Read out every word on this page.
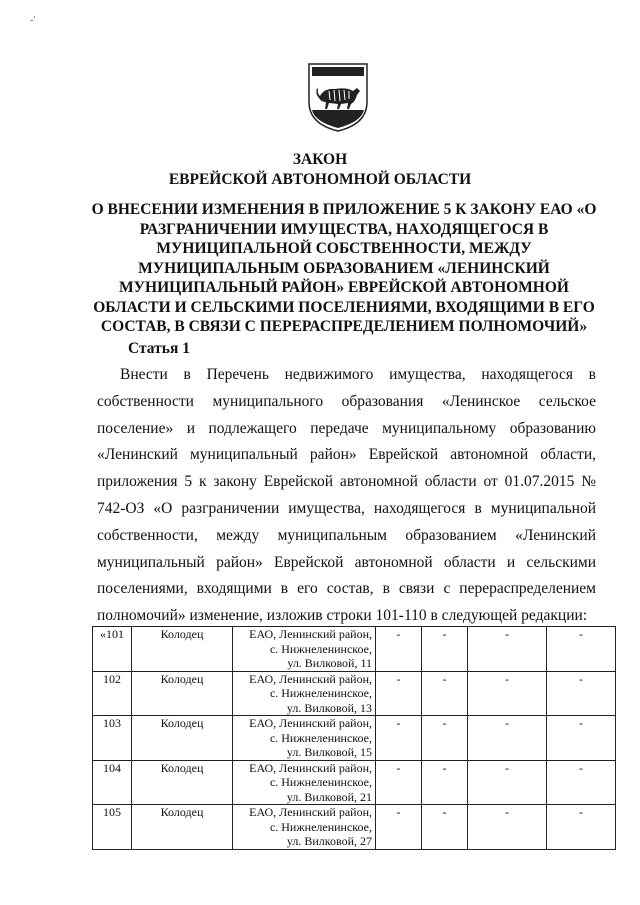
-'
ЗАКОН
ЕВРЕЙСКОЙ АВТОНОМНОЙ ОБЛАСТИ
О ВНЕСЕНИИ ИЗМЕНЕНИЯ В ПРИЛОЖЕНИЕ 5 К ЗАКОНУ ЕАО «О РАЗГРАНИЧЕНИИ ИМУЩЕСТВА, НАХОДЯЩЕГОСЯ В МУНИЦИПАЛЬНОЙ СОБСТВЕННОСТИ, МЕЖДУ МУНИЦИПАЛЬНЫМ ОБРАЗОВАНИЕМ «ЛЕНИНСКИЙ МУНИЦИПАЛЬНЫЙ РАЙОН» ЕВРЕЙСКОЙ АВТОНОМНОЙ ОБЛАСТИ И СЕЛЬСКИМИ ПОСЕЛЕНИЯМИ, ВХОДЯЩИМИ В ЕГО СОСТАВ, В СВЯЗИ С ПЕРЕРАСПРЕДЕЛЕНИЕМ ПОЛНОМОЧИЙ»
Статья 1
Внести в Перечень недвижимого имущества, находящегося в собственности муниципального образования «Ленинское сельское поселение» и подлежащего передаче муниципальному образованию «Ленинский муниципальный район» Еврейской автономной области, приложения 5 к закону Еврейской автономной области от 01.07.2015 № 742-ОЗ «О разграничении имущества, находящегося в муниципальной собственности, между муниципальным образованием «Ленинский муниципальный район» Еврейской автономной области и сельскими поселениями, входящими в его состав, в связи с перераспределением полномочий» изменение, изложив строки 101-110 в следующей редакции:
«101	Колодец	ЕАО, Ленинский район,
с. Нижнеленинское,
ул. Вилковой, 11	-	-	-	-
102	Колодец	ЕАО, Ленинский район,
с. Нижнеленинское,
ул. Вилковой, 13	-	-	-	-
103	Колодец	ЕАО, Ленинский район,
с. Нижнеленинское,
ул. Вилковой, 15	-	-	-	-
104	Колодец	ЕАО, Ленинский район,
с. Нижнеленинское,
ул. Вилковой, 21	-	-	-	-
105	Колодец	ЕАО, Ленинский район,
с. Нижнеленинское,
ул. Вилковой, 27	-	-	-	-
